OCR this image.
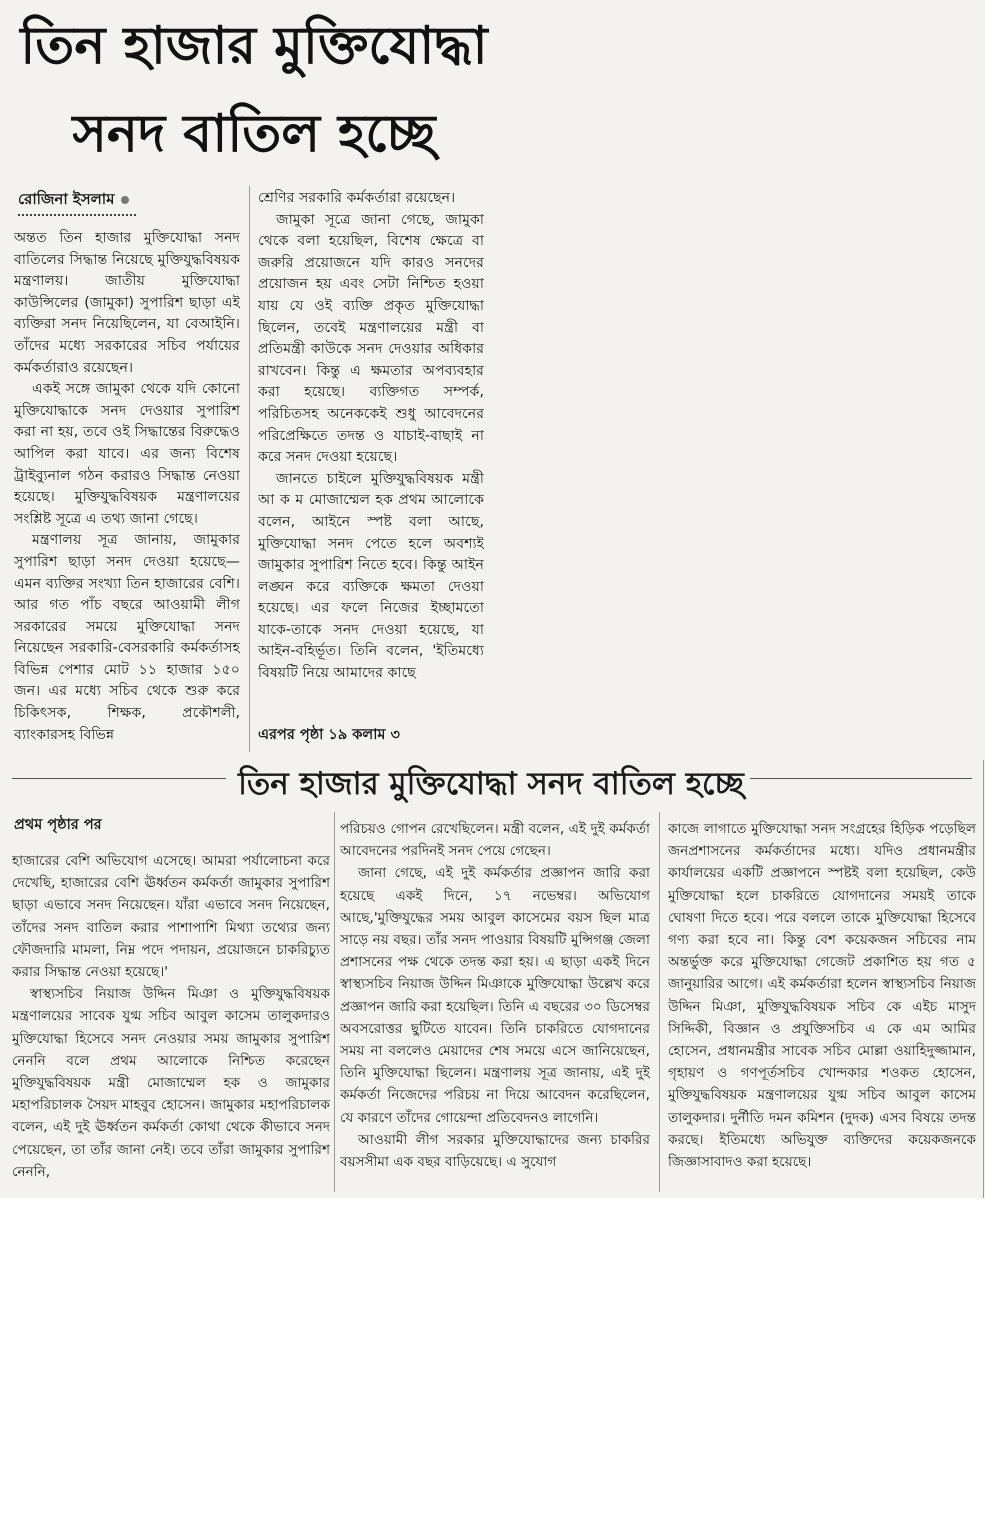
তিন হাজার মুক্তিযোদ্ধা
সনদ বাতিল হচ্ছে
রোজিনা ইসলাম

অন্তত তিন হাজার মুক্তিযোদ্ধা সনদ বাতিলের সিদ্ধান্ত নিয়েছে মুক্তিযুদ্ধবিষয়ক মন্ত্রণালয়। জাতীয় মুক্তিযোদ্ধা কাউন্সিলের (জামুকা) সুপারিশ ছাড়া এই ব্যক্তিরা সনদ নিয়েছিলেন, যা বেআইনি। তাঁদের মধ্যে সরকারের সচিব পর্যায়ের কর্মকর্তারাও রয়েছেন।

একই সঙ্গে জামুকা থেকে যদি কোনো মুক্তিযোদ্ধাকে সনদ দেওয়ার সুপারিশ করা না হয়, তবে ওই সিদ্ধান্তের বিরুদ্ধেও আপিল করা যাবে। এর জন্য বিশেষ ট্রাইব্যুনাল গঠন করারও সিদ্ধান্ত নেওয়া হয়েছে। মুক্তিযুদ্ধবিষয়ক মন্ত্রণালয়ের সংশ্লিষ্ট সূত্রে এ তথ্য জানা গেছে।

মন্ত্রণালয় সূত্র জানায়, জামুকার সুপারিশ ছাড়া সনদ দেওয়া হয়েছে—এমন ব্যক্তির সংখ্যা তিন হাজারের বেশি। আর গত পাঁচ বছরে আওয়ামী লীগ সরকারের সময়ে মুক্তিযোদ্ধা সনদ নিয়েছেন সরকারি-বেসরকারি কর্মকর্তাসহ বিভিন্ন পেশার মোট ১১ হাজার ১৫০ জন। এর মধ্যে সচিব থেকে শুরু করে চিকিৎসক, শিক্ষক, প্রকৌশলী, ব্যাংকারসহ বিভিন্ন

শ্রেণির সরকারি কর্মকর্তারা রয়েছেন।

জামুকা সূত্রে জানা গেছে, জামুকা থেকে বলা হয়েছিল, বিশেষ ক্ষেত্রে বা জরুরি প্রয়োজনে যদি কারও সনদের প্রয়োজন হয় এবং সেটা নিশ্চিত হওয়া যায় যে ওই ব্যক্তি প্রকৃত মুক্তিযোদ্ধা ছিলেন, তবেই মন্ত্রণালয়ের মন্ত্রী বা প্রতিমন্ত্রী কাউকে সনদ দেওয়ার অধিকার রাখবেন। কিন্তু এ ক্ষমতার অপব্যবহার করা হয়েছে। ব্যক্তিগত সম্পর্ক, পরিচিতসহ অনেককেই শুধু আবেদনের পরিপ্রেক্ষিতে তদন্ত ও যাচাই-বাছাই না করে সনদ দেওয়া হয়েছে।

জানতে চাইলে মুক্তিযুদ্ধবিষয়ক মন্ত্রী আ ক ম মোজাম্মেল হক প্রথম আলোকে বলেন, আইনে স্পষ্ট বলা আছে, মুক্তিযোদ্ধা সনদ পেতে হলে অবশ্যই জামুকার সুপারিশ নিতে হবে। কিন্তু আইন লঙ্ঘন করে ব্যক্তিকে ক্ষমতা দেওয়া হয়েছে। এর ফলে নিজের ইচ্ছামতো যাকে-তাকে সনদ দেওয়া হয়েছে, যা আইন-বহির্ভূত। তিনি বলেন, 'ইতিমধ্যে বিষয়টি নিয়ে আমাদের কাছে

এরপর পৃষ্ঠা ১৯ কলাম ৩
তিন হাজার মুক্তিযোদ্ধা সনদ বাতিল হচ্ছে
প্রথম পৃষ্ঠার পর

হাজারের বেশি অভিযোগ এসেছে। আমরা পর্যালোচনা করে দেখেছি, হাজারের বেশি ঊর্ধ্বতন কর্মকর্তা জামুকার সুপারিশ ছাড়া এভাবে সনদ নিয়েছেন। যাঁরা এভাবে সনদ নিয়েছেন, তাঁদের সনদ বাতিল করার পাশাপাশি মিথ্যা তথ্যের জন্য ফৌজদারি মামলা, নিম্ন পদে পদায়ন, প্রয়োজনে চাকরিচ্যুত করার সিদ্ধান্ত নেওয়া হয়েছে।'

স্বাস্থ্যসচিব নিয়াজ উদ্দিন মিঞা ও মুক্তিযুদ্ধবিষয়ক মন্ত্রণালয়ের সাবেক যুগ্ম সচিব আবুল কাসেম তালুকদারও মুক্তিযোদ্ধা হিসেবে সনদ নেওয়ার সময় জামুকার সুপারিশ নেননি বলে প্রথম আলোকে নিশ্চিত করেছেন মুক্তিযুদ্ধবিষয়ক মন্ত্রী মোজাম্মেল হক ও জামুকার মহাপরিচালক সৈয়দ মাহবুব হোসেন। জামুকার মহাপরিচালক বলেন, এই দুই ঊর্ধ্বতন কর্মকর্তা কোথা থেকে কীভাবে সনদ পেয়েছেন, তা তাঁর জানা নেই। তবে তাঁরা জামুকার সুপারিশ নেননি,

পরিচয়ও গোপন রেখেছিলেন। মন্ত্রী বলেন, এই দুই কর্মকর্তা আবেদনের পরদিনই সনদ পেয়ে গেছেন।

জানা গেছে, এই দুই কর্মকর্তার প্রজ্ঞাপন জারি করা হয়েছে একই দিনে, ১৭ নভেম্বর। অভিযোগ আছে,'মুক্তিযুদ্ধের সময় আবুল কাসেমের বয়স ছিল মাত্র সাড়ে নয় বছর। তাঁর সনদ পাওয়ার বিষয়টি মুন্সিগঞ্জ জেলা প্রশাসনের পক্ষ থেকে তদন্ত করা হয়। এ ছাড়া একই দিনে স্বাস্থ্যসচিব নিয়াজ উদ্দিন মিঞাকে মুক্তিযোদ্ধা উল্লেখ করে প্রজ্ঞাপন জারি করা হয়েছিল। তিনি এ বছরের ৩০ ডিসেম্বর অবসরোত্তর ছুটিতে যাবেন। তিনি চাকরিতে যোগদানের সময় না বললেও মেয়াদের শেষ সময়ে এসে জানিয়েছেন, তিনি মুক্তিযোদ্ধা ছিলেন। মন্ত্রণালয় সূত্র জানায়, এই দুই কর্মকর্তা নিজেদের পরিচয় না দিয়ে আবেদন করেছিলেন, যে কারণে তাঁদের গোয়েন্দা প্রতিবেদনও লাগেনি।

আওয়ামী লীগ সরকার মুক্তিযোদ্ধাদের জন্য চাকরির বয়সসীমা এক বছর বাড়িয়েছে। এ সুযোগ

কাজে লাগাতে মুক্তিযোদ্ধা সনদ সংগ্রহের হিড়িক পড়েছিল জনপ্রশাসনের কর্মকর্তাদের মধ্যে। যদিও প্রধানমন্ত্রীর কার্যালয়ের একটি প্রজ্ঞাপনে স্পষ্টই বলা হয়েছিল, কেউ মুক্তিযোদ্ধা হলে চাকরিতে যোগদানের সময়ই তাকে ঘোষণা দিতে হবে। পরে বললে তাকে মুক্তিযোদ্ধা হিসেবে গণ্য করা হবে না। কিন্তু বেশ কয়েকজন সচিবের নাম অন্তর্ভুক্ত করে মুক্তিযোদ্ধা গেজেট প্রকাশিত হয় গত ৫ জানুয়ারির আগে। এই কর্মকর্তারা হলেন স্বাস্থ্যসচিব নিয়াজ উদ্দিন মিঞা, মুক্তিযুদ্ধবিষয়ক সচিব কে এইচ মাসুদ সিদ্দিকী, বিজ্ঞান ও প্রযুক্তিসচিব এ কে এম আমির হোসেন, প্রধানমন্ত্রীর সাবেক সচিব মোল্লা ওয়াহিদুজ্জামান, গৃহায়ণ ও গণপূর্তসচিব খোন্দকার শওকত হোসেন, মুক্তিযুদ্ধবিষয়ক মন্ত্রণালয়ের যুগ্ম সচিব আবুল কাসেম তালুকদার। দুর্নীতি দমন কমিশন (দুদক) এসব বিষয়ে তদন্ত করছে। ইতিমধ্যে অভিযুক্ত ব্যক্তিদের কয়েকজনকে জিজ্ঞাসাবাদও করা হয়েছে।
